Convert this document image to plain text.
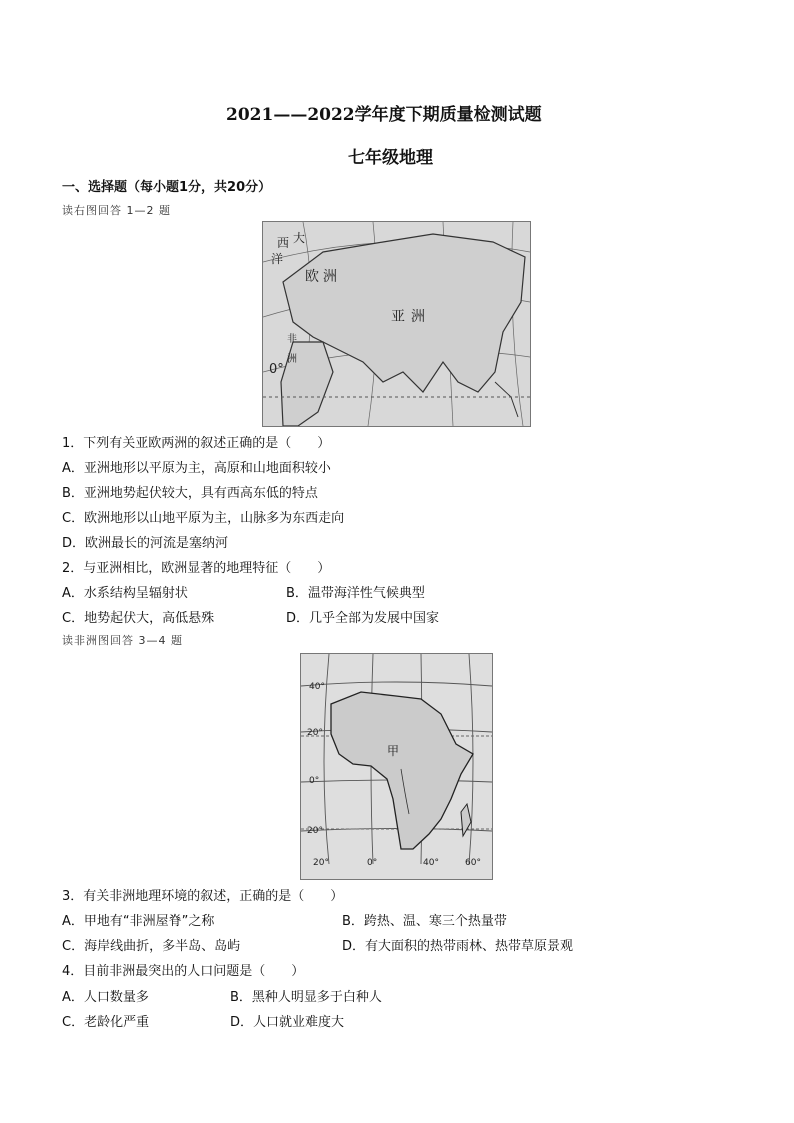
2021——2022学年度下期质量检测试题
七年级地理
一、选择题（每小题1分，共20分）
读右图回答 1—2 题
西 大
洋
欧洲
亚洲
非
洲
0°
1．下列有关亚欧两洲的叙述正确的是（　　）
A．亚洲地形以平原为主，高原和山地面积较小
B．亚洲地势起伏较大，具有西高东低的特点
C．欧洲地形以山地平原为主，山脉多为东西走向
D．欧洲最长的河流是塞纳河
2．与亚洲相比，欧洲显著的地理特征（　　）
A．水系结构呈辐射状	B．温带海洋性气候典型
C．地势起伏大，高低悬殊	D．几乎全部为发展中国家
读非洲图回答 3—4 题
40°
20°
0°
20°
甲
20°	0°	40°	60°
3．有关非洲地理环境的叙述，正确的是（　　）
A．甲地有“非洲屋脊”之称	B．跨热、温、寒三个热量带
C．海岸线曲折，多半岛、岛屿	D．有大面积的热带雨林、热带草原景观
4．目前非洲最突出的人口问题是（　　）
A．人口数量多	B．黑种人明显多于白种人
C．老龄化严重	D．人口就业难度大
